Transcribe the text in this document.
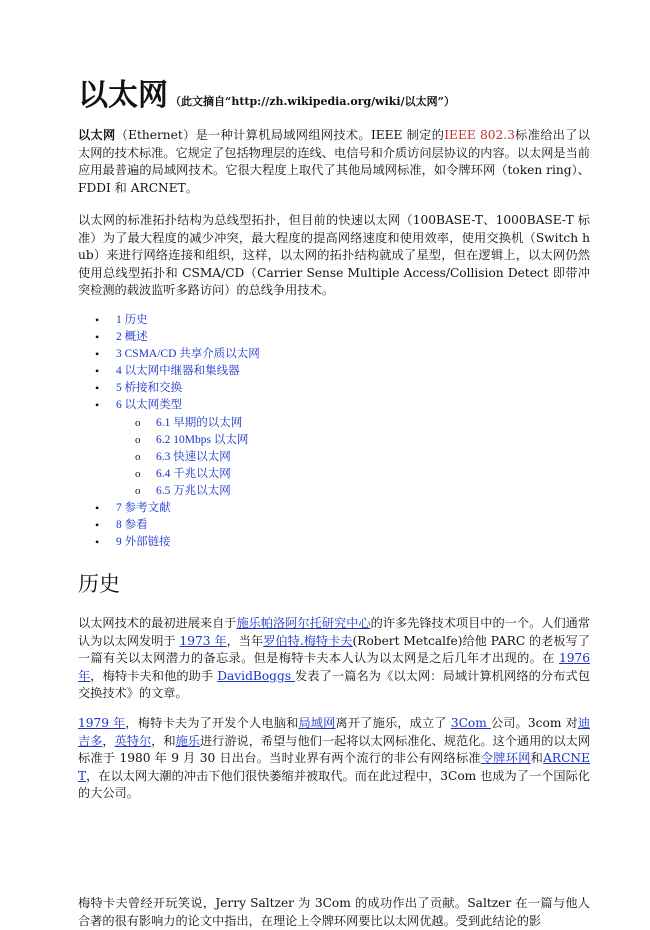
以太网 （此文摘自“http://zh.wikipedia.org/wiki/以太网”）

以太网（Ethernet）是一种计算机局域网组网技术。IEEE 制定的IEEE 802.3标准给出了以太网的技术标准。它规定了包括物理层的连线、电信号和介质访问层协议的内容。以太网是当前应用最普遍的局域网技术。它很大程度上取代了其他局域网标准，如令牌环网（token ring）、FDDI 和 ARCNET。

以太网的标准拓扑结构为总线型拓扑，但目前的快速以太网（100BASE-T、1000BASE-T 标准）为了最大程度的减少冲突，最大程度的提高网络速度和使用效率，使用交换机（Switch hub）来进行网络连接和组织，这样，以太网的拓扑结构就成了星型，但在逻辑上，以太网仍然使用总线型拓扑和 CSMA/CD（Carrier Sense Multiple Access/Collision Detect 即带冲突检测的载波监听多路访问）的总线争用技术。

• 1 历史
• 2 概述
• 3 CSMA/CD 共享介质以太网
• 4 以太网中继器和集线器
• 5 桥接和交换
• 6 以太网类型
o 6.1 早期的以太网
o 6.2 10Mbps 以太网
o 6.3 快速以太网
o 6.4 千兆以太网
o 6.5 万兆以太网
• 7 参考文献
• 8 参看
• 9 外部链接
历史

以太网技术的最初进展来自于施乐帕洛阿尔托研究中心的许多先锋技术项目中的一个。人们通常认为以太网发明于 1973 年，当年罗伯特.梅特卡夫(Robert Metcalfe)给他 PARC 的老板写了一篇有关以太网潜力的备忘录。但是梅特卡夫本人认为以太网是之后几年才出现的。在 1976 年，梅特卡夫和他的助手 DavidBoggs 发表了一篇名为《以太网：局域计算机网络的分布式包交换技术》的文章。

1979 年，梅特卡夫为了开发个人电脑和局域网离开了施乐，成立了 3Com 公司。3com 对迪吉多，英特尔，和施乐进行游说，希望与他们一起将以太网标准化、规范化。这个通用的以太网标准于 1980 年 9 月 30 日出台。当时业界有两个流行的非公有网络标准令牌环网和ARCNET，在以太网大潮的冲击下他们很快萎缩并被取代。而在此过程中，3Com 也成为了一个国际化的大公司。

梅特卡夫曾经开玩笑说，Jerry Saltzer 为 3Com 的成功作出了贡献。Saltzer 在一篇与他人合著的很有影响力的论文中指出，在理论上令牌环网要比以太网优越。受到此结论的影
